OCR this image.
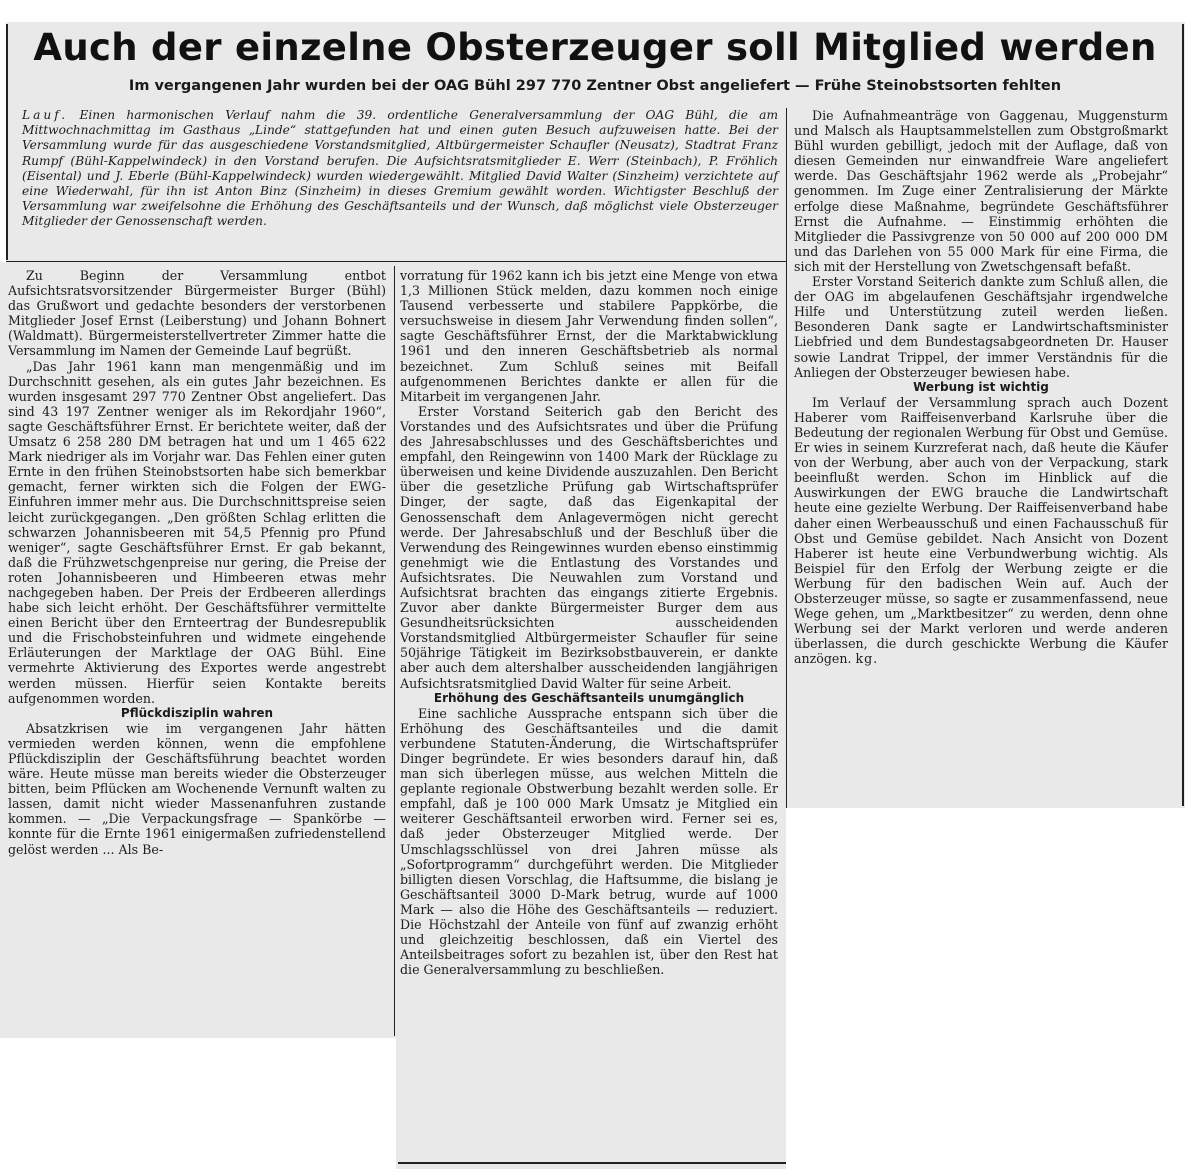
Auch der einzelne Obsterzeuger soll Mitglied werden
Im vergangenen Jahr wurden bei der OAG Bühl 297 770 Zentner Obst angeliefert — Frühe Steinobstsorten fehlten
Lauf. Einen harmonischen Verlauf nahm die 39. ordentliche Generalversammlung der OAG Bühl, die am Mittwochnachmittag im Gasthaus „Linde“ stattgefunden hat und einen guten Besuch aufzuweisen hatte. Bei der Versammlung wurde für das ausgeschiedene Vorstandsmitglied, Altbürgermeister Schaufler (Neusatz), Stadtrat Franz Rumpf (Bühl-Kappelwindeck) in den Vorstand berufen. Die Aufsichtsratsmitglieder E. Werr (Steinbach), P. Fröhlich (Eisental) und J. Eberle (Bühl-Kappelwindeck) wurden wiedergewählt. Mitglied David Walter (Sinzheim) verzichtete auf eine Wiederwahl, für ihn ist Anton Binz (Sinzheim) in dieses Gremium gewählt worden. Wichtigster Beschluß der Versammlung war zweifelsohne die Erhöhung des Geschäftsanteils und der Wunsch, daß möglichst viele Obsterzeuger Mitglieder der Genossenschaft werden.

Zu Beginn der Versammlung entbot Aufsichtsratsvorsitzender Bürgermeister Burger (Bühl) das Grußwort und gedachte besonders der verstorbenen Mitglieder Josef Ernst (Leiberstung) und Johann Bohnert (Waldmatt). Bürgermeisterstellvertreter Zimmer hatte die Versammlung im Namen der Gemeinde Lauf begrüßt.

„Das Jahr 1961 kann man mengenmäßig und im Durchschnitt gesehen, als ein gutes Jahr bezeichnen. Es wurden insgesamt 297 770 Zentner Obst angeliefert. Das sind 43 197 Zentner weniger als im Rekordjahr 1960“, sagte Geschäftsführer Ernst. Er berichtete weiter, daß der Umsatz 6 258 280 DM betragen hat und um 1 465 622 Mark niedriger als im Vorjahr war. Das Fehlen einer guten Ernte in den frühen Steinobstsorten habe sich bemerkbar gemacht, ferner wirkten sich die Folgen der EWG-Einfuhren immer mehr aus. Die Durchschnittspreise seien leicht zurückgegangen. „Den größten Schlag erlitten die schwarzen Johannisbeeren mit 54,5 Pfennig pro Pfund weniger“, sagte Geschäftsführer Ernst. Er gab bekannt, daß die Frühzwetschgenpreise nur gering, die Preise der roten Johannisbeeren und Himbeeren etwas mehr nachgegeben haben. Der Preis der Erdbeeren allerdings habe sich leicht erhöht. Der Geschäftsführer vermittelte einen Bericht über den Ernteertrag der Bundesrepublik und die Frischobsteinfuhren und widmete eingehende Erläuterungen der Marktlage der OAG Bühl. Eine vermehrte Aktivierung des Exportes werde angestrebt werden müssen. Hierfür seien Kontakte bereits aufgenommen worden.

Pflückdisziplin wahren

Absatzkrisen wie im vergangenen Jahr hätten vermieden werden können, wenn die empfohlene Pflückdisziplin der Geschäftsführung beachtet worden wäre. Heute müsse man bereits wieder die Obsterzeuger bitten, beim Pflücken am Wochenende Vernunft walten zu lassen, damit nicht wieder Massenanfuhren zustande kommen. — „Die Verpackungsfrage — Spankörbe — konnte für die Ernte 1961 einigermaßen zufriedenstellend gelöst werden ... Als Be-

vorratung für 1962 kann ich bis jetzt eine Menge von etwa 1,3 Millionen Stück melden, dazu kommen noch einige Tausend verbesserte und stabilere Pappkörbe, die versuchsweise in diesem Jahr Verwendung finden sollen“, sagte Geschäftsführer Ernst, der die Marktabwicklung 1961 und den inneren Geschäftsbetrieb als normal bezeichnet. Zum Schluß seines mit Beifall aufgenommenen Berichtes dankte er allen für die Mitarbeit im vergangenen Jahr.

Erster Vorstand Seiterich gab den Bericht des Vorstandes und des Aufsichtsrates und über die Prüfung des Jahresabschlusses und des Geschäftsberichtes und empfahl, den Reingewinn von 1400 Mark der Rücklage zu überweisen und keine Dividende auszuzahlen. Den Bericht über die gesetzliche Prüfung gab Wirtschaftsprüfer Dinger, der sagte, daß das Eigenkapital der Genossenschaft dem Anlagevermögen nicht gerecht werde. Der Jahresabschluß und der Beschluß über die Verwendung des Reingewinnes wurden ebenso einstimmig genehmigt wie die Entlastung des Vorstandes und Aufsichtsrates. Die Neuwahlen zum Vorstand und Aufsichtsrat brachten das eingangs zitierte Ergebnis. Zuvor aber dankte Bürgermeister Burger dem aus Gesundheitsrücksichten ausscheidenden Vorstandsmitglied Altbürgermeister Schaufler für seine 50jährige Tätigkeit im Bezirksobstbauverein, er dankte aber auch dem altershalber ausscheidenden langjährigen Aufsichtsratsmitglied David Walter für seine Arbeit.

Erhöhung des Geschäftsanteils unumgänglich

Eine sachliche Aussprache entspann sich über die Erhöhung des Geschäftsanteiles und die damit verbundene Statuten-Änderung, die Wirtschaftsprüfer Dinger begründete. Er wies besonders darauf hin, daß man sich überlegen müsse, aus welchen Mitteln die geplante regionale Obstwerbung bezahlt werden solle. Er empfahl, daß je 100 000 Mark Umsatz je Mitglied ein weiterer Geschäftsanteil erworben wird. Ferner sei es, daß jeder Obsterzeuger Mitglied werde. Der Umschlagsschlüssel von drei Jahren müsse als „Sofortprogramm“ durchgeführt werden. Die Mitglieder billigten diesen Vorschlag, die Haftsumme, die bislang je Geschäftsanteil 3000 D-Mark betrug, wurde auf 1000 Mark — also die Höhe des Geschäftsanteils — reduziert. Die Höchstzahl der Anteile von fünf auf zwanzig erhöht und gleichzeitig beschlossen, daß ein Viertel des Anteilsbeitrages sofort zu bezahlen ist, über den Rest hat die Generalversammlung zu beschließen.

Die Aufnahmeanträge von Gaggenau, Muggensturm und Malsch als Hauptsammelstellen zum Obstgroßmarkt Bühl wurden gebilligt, jedoch mit der Auflage, daß von diesen Gemeinden nur einwandfreie Ware angeliefert werde. Das Geschäftsjahr 1962 werde als „Probejahr“ genommen. Im Zuge einer Zentralisierung der Märkte erfolge diese Maßnahme, begründete Geschäftsführer Ernst die Aufnahme. — Einstimmig erhöhten die Mitglieder die Passivgrenze von 50 000 auf 200 000 DM und das Darlehen von 55 000 Mark für eine Firma, die sich mit der Herstellung von Zwetschgensaft befaßt.

Erster Vorstand Seiterich dankte zum Schluß allen, die der OAG im abgelaufenen Geschäftsjahr irgendwelche Hilfe und Unterstützung zuteil werden ließen. Besonderen Dank sagte er Landwirtschaftsminister Liebfried und dem Bundestagsabgeordneten Dr. Hauser sowie Landrat Trippel, der immer Verständnis für die Anliegen der Obsterzeuger bewiesen habe.

Werbung ist wichtig

Im Verlauf der Versammlung sprach auch Dozent Haberer vom Raiffeisenverband Karlsruhe über die Bedeutung der regionalen Werbung für Obst und Gemüse. Er wies in seinem Kurzreferat nach, daß heute die Käufer von der Werbung, aber auch von der Verpackung, stark beeinflußt werden. Schon im Hinblick auf die Auswirkungen der EWG brauche die Landwirtschaft heute eine gezielte Werbung. Der Raiffeisenverband habe daher einen Werbeausschuß und einen Fachausschuß für Obst und Gemüse gebildet. Nach Ansicht von Dozent Haberer ist heute eine Verbundwerbung wichtig. Als Beispiel für den Erfolg der Werbung zeigte er die Werbung für den badischen Wein auf. Auch der Obsterzeuger müsse, so sagte er zusammenfassend, neue Wege gehen, um „Marktbesitzer“ zu werden, denn ohne Werbung sei der Markt verloren und werde anderen überlassen, die durch geschickte Werbung die Käufer anzögen. kg.
